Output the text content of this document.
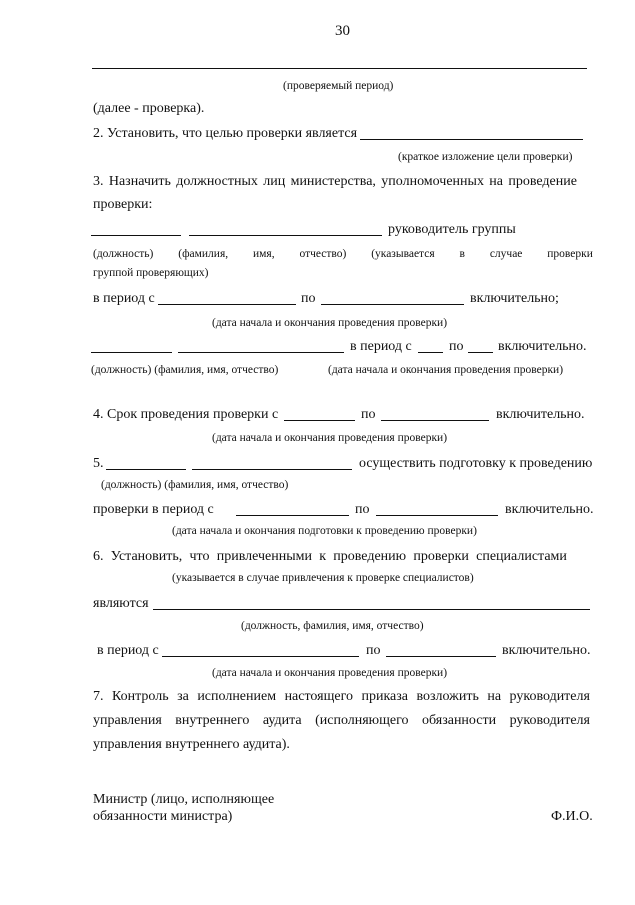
30
(проверяемый период)
(далее - проверка).
2. Установить, что целью проверки является
(краткое изложение цели проверки)
3. Назначить должностных лиц министерства, уполномоченных на проведение
проверки:
руководитель группы
(должность) (фамилия, имя, отчество) (указывается в случае проверки
группой проверяющих)
в период с	по	включительно;
(дата начала и окончания проведения проверки)
в период с	по включительно.
(должность) (фамилия, имя, отчество)	(дата начала и окончания проведения проверки)
4. Срок проведения проверки с	по	включительно.
(дата начала и окончания проведения проверки)
5.	осуществить подготовку к проведению
(должность) (фамилия, имя, отчество)
проверки в период с	по	включительно.
(дата начала и окончания подготовки к проведению проверки)
6. Установить, что привлеченными к проведению проверки специалистами
(указывается в случае привлечения к проверке специалистов)
являются
(должность, фамилия, имя, отчество)
в период с	по	включительно.
(дата начала и окончания проведения проверки)
7. Контроль за исполнением настоящего приказа возложить на руководителя
управления внутреннего аудита (исполняющего обязанности руководителя
управления внутреннего аудита).
Министр (лицо, исполняющее
обязанности министра)	Ф.И.О.
